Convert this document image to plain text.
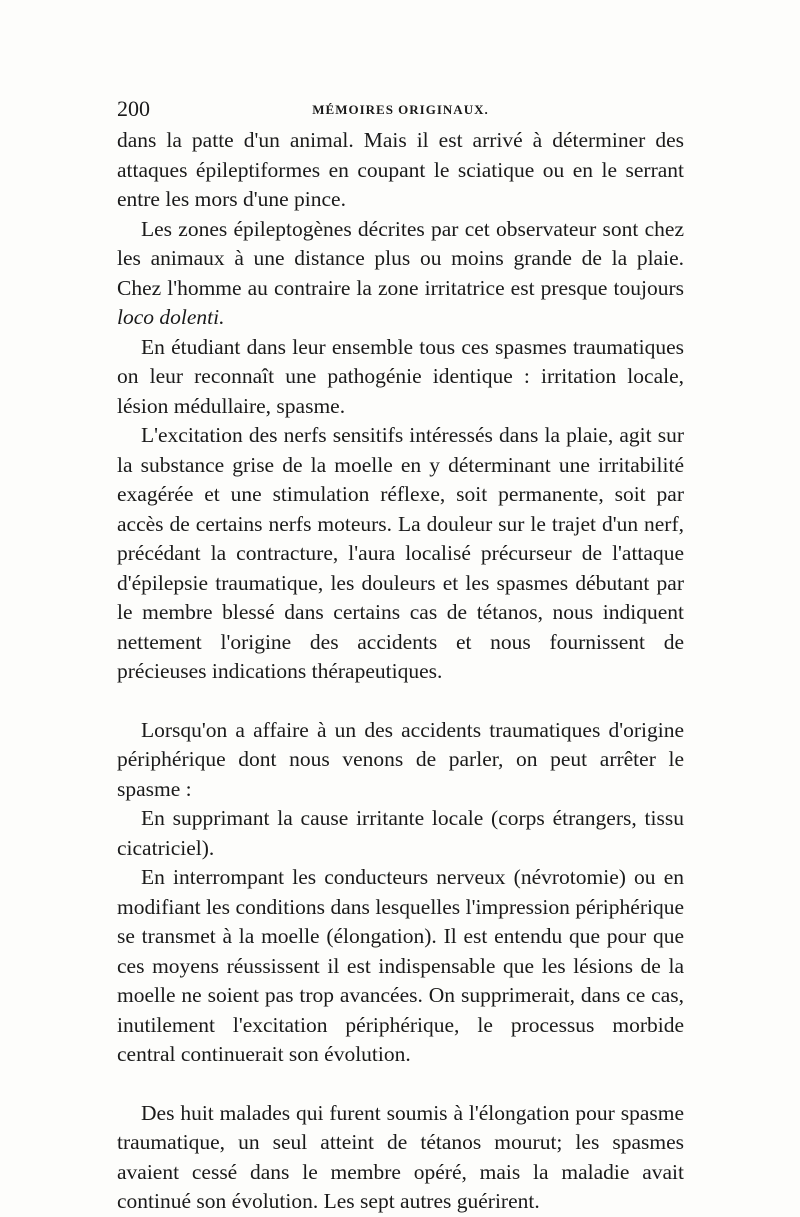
200	MÉMOIRES ORIGINAUX.

dans la patte d'un animal. Mais il est arrivé à déterminer des attaques épileptiformes en coupant le sciatique ou en le serrant entre les mors d'une pince.

Les zones épileptogènes décrites par cet observateur sont chez les animaux à une distance plus ou moins grande de la plaie. Chez l'homme au contraire la zone irritatrice est presque toujours loco dolenti.

En étudiant dans leur ensemble tous ces spasmes traumatiques on leur reconnaît une pathogénie identique : irritation locale, lésion médullaire, spasme.

L'excitation des nerfs sensitifs intéressés dans la plaie, agit sur la substance grise de la moelle en y déterminant une irritabilité exagérée et une stimulation réflexe, soit permanente, soit par accès de certains nerfs moteurs. La douleur sur le trajet d'un nerf, précédant la contracture, l'aura localisé précurseur de l'attaque d'épilepsie traumatique, les douleurs et les spasmes débutant par le membre blessé dans certains cas de tétanos, nous indiquent nettement l'origine des accidents et nous fournissent de précieuses indications thérapeutiques.

Lorsqu'on a affaire à un des accidents traumatiques d'origine périphérique dont nous venons de parler, on peut arrêter le spasme :

En supprimant la cause irritante locale (corps étrangers, tissu cicatriciel).

En interrompant les conducteurs nerveux (névrotomie) ou en modifiant les conditions dans lesquelles l'impression périphérique se transmet à la moelle (élongation). Il est entendu que pour que ces moyens réussissent il est indispensable que les lésions de la moelle ne soient pas trop avancées. On supprimerait, dans ce cas, inutilement l'excitation périphérique, le processus morbide central continuerait son évolution.

Des huit malades qui furent soumis à l'élongation pour spasme traumatique, un seul atteint de tétanos mourut; les spasmes avaient cessé dans le membre opéré, mais la maladie avait continué son évolution. Les sept autres guérirent.
